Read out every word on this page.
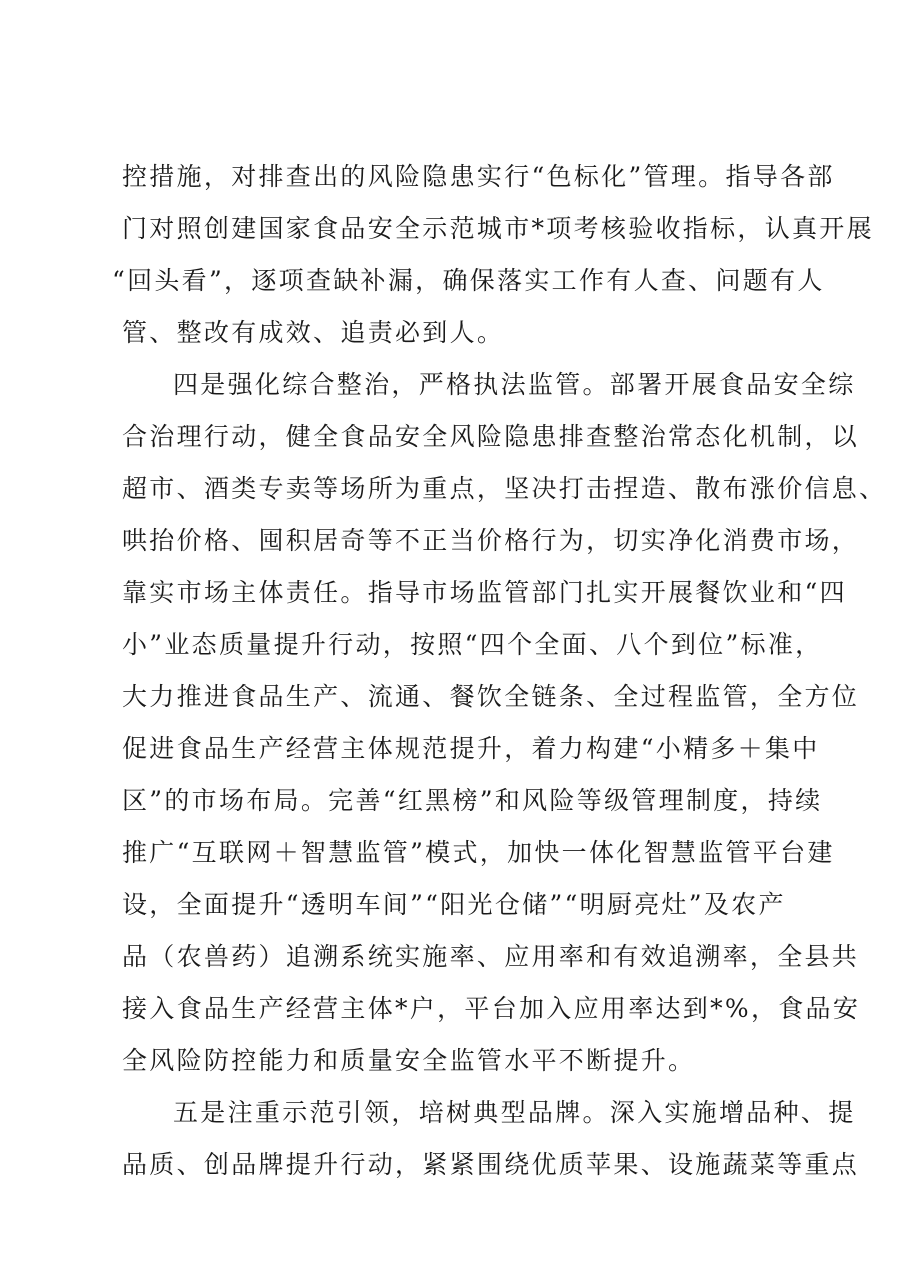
控措施，对排查出的风险隐患实行“色标化”管理。指导各部
门对照创建国家食品安全示范城市*项考核验收指标，认真开展
“回头看”，逐项查缺补漏，确保落实工作有人查、问题有人
管、整改有成效、追责必到人。
四是强化综合整治，严格执法监管。部署开展食品安全综
合治理行动，健全食品安全风险隐患排查整治常态化机制，以
超市、酒类专卖等场所为重点，坚决打击捏造、散布涨价信息、
哄抬价格、囤积居奇等不正当价格行为，切实净化消费市场，
靠实市场主体责任。指导市场监管部门扎实开展餐饮业和“四
小”业态质量提升行动，按照“四个全面、八个到位”标准，
大力推进食品生产、流通、餐饮全链条、全过程监管，全方位
促进食品生产经营主体规范提升，着力构建“小精多＋集中
区”的市场布局。完善“红黑榜”和风险等级管理制度，持续
推广“互联网＋智慧监管”模式，加快一体化智慧监管平台建
设，全面提升“透明车间”“阳光仓储”“明厨亮灶”及农产
品（农兽药）追溯系统实施率、应用率和有效追溯率，全县共
接入食品生产经营主体*户，平台加入应用率达到*%，食品安
全风险防控能力和质量安全监管水平不断提升。
五是注重示范引领，培树典型品牌。深入实施增品种、提
品质、创品牌提升行动，紧紧围绕优质苹果、设施蔬菜等重点
